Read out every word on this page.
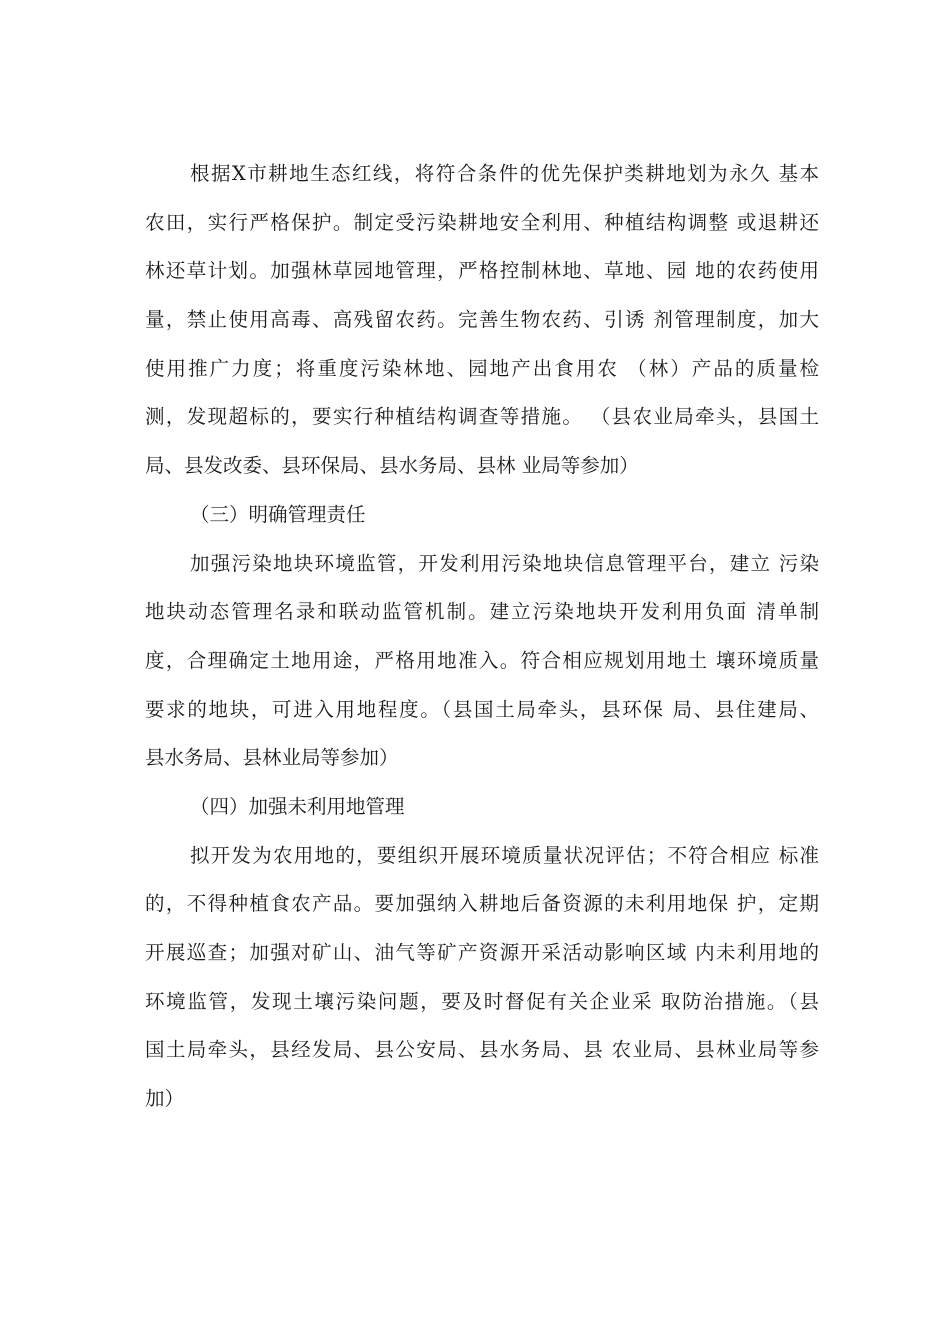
根据X市耕地生态红线，将符合条件的优先保护类耕地划为永久 基本
农田，实行严格保护。制定受污染耕地安全利用、种植结构调整 或退耕还
林还草计划。加强林草园地管理，严格控制林地、草地、园 地的农药使用
量，禁止使用高毒、高残留农药。完善生物农药、引诱 剂管理制度，加大
使用推广力度；将重度污染林地、园地产出食用农 （林）产品的质量检
测，发现超标的，要实行种植结构调查等措施。 （县农业局牵头，县国土
局、县发改委、县环保局、县水务局、县林 业局等参加）
（三）明确管理责任
加强污染地块环境监管，开发利用污染地块信息管理平台，建立 污染
地块动态管理名录和联动监管机制。建立污染地块开发利用负面 清单制
度，合理确定土地用途，严格用地准入。符合相应规划用地土 壤环境质量
要求的地块，可进入用地程度。（县国土局牵头，县环保 局、县住建局、
县水务局、县林业局等参加）
（四）加强未利用地管理
拟开发为农用地的，要组织开展环境质量状况评估；不符合相应 标准
的，不得种植食农产品。要加强纳入耕地后备资源的未利用地保 护，定期
开展巡查；加强对矿山、油气等矿产资源开采活动影响区域 内未利用地的
环境监管，发现土壤污染问题，要及时督促有关企业采 取防治措施。（县
国土局牵头，县经发局、县公安局、县水务局、县 农业局、县林业局等参
加）
